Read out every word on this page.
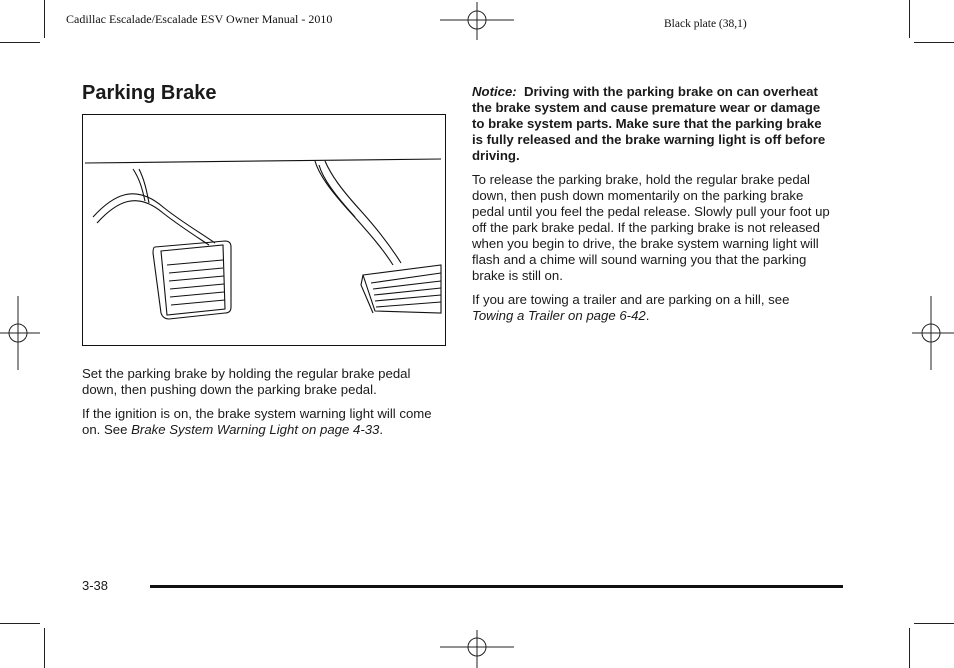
Cadillac Escalade/Escalade ESV Owner Manual - 2010	Black plate (38,1)
Parking Brake

Set the parking brake by holding the regular brake pedal down, then pushing down the parking brake pedal.

If the ignition is on, the brake system warning light will come on. See Brake System Warning Light on page 4-33.

Notice: Driving with the parking brake on can overheat the brake system and cause premature wear or damage to brake system parts. Make sure that the parking brake is fully released and the brake warning light is off before driving.

To release the parking brake, hold the regular brake pedal down, then push down momentarily on the parking brake pedal until you feel the pedal release. Slowly pull your foot up off the park brake pedal. If the parking brake is not released when you begin to drive, the brake system warning light will flash and a chime will sound warning you that the parking brake is still on.

If you are towing a trailer and are parking on a hill, see Towing a Trailer on page 6-42.

3-38
